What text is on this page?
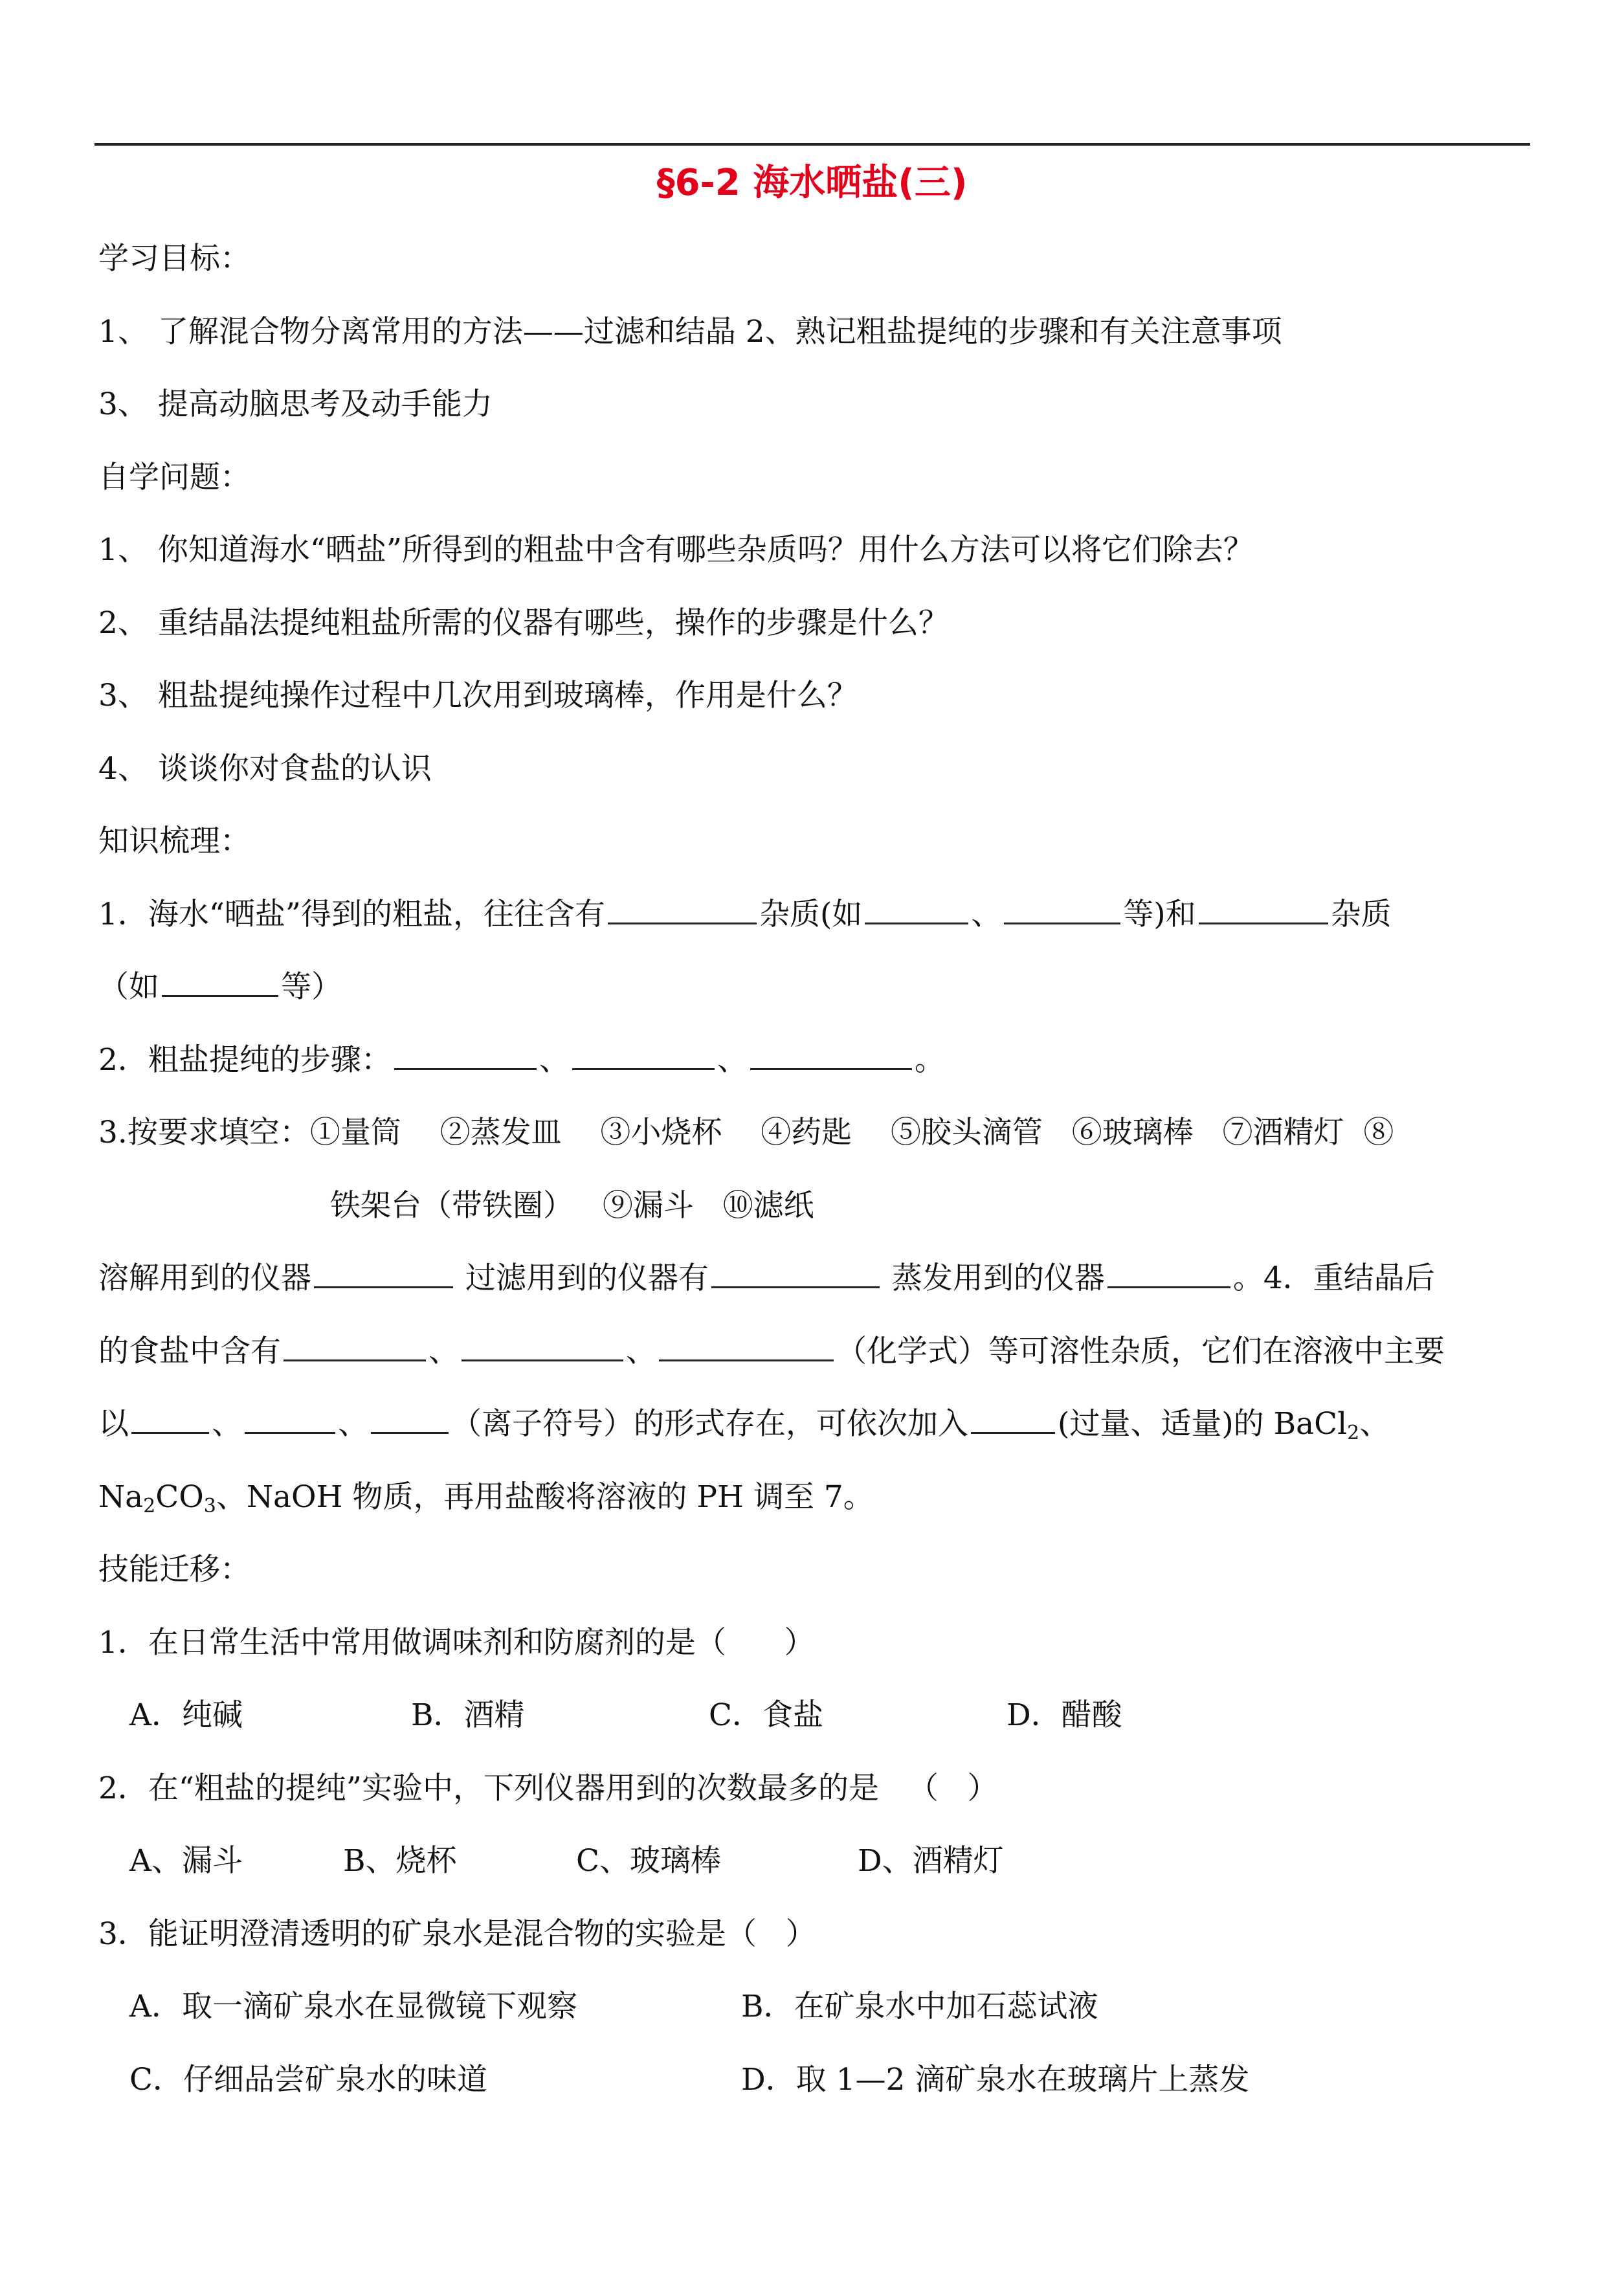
§6-2 海水晒盐(三)
学习目标：
1、 了解混合物分离常用的方法——过滤和结晶 2、熟记粗盐提纯的步骤和有关注意事项
3、 提高动脑思考及动手能力
自学问题：
1、 你知道海水“晒盐”所得到的粗盐中含有哪些杂质吗？用什么方法可以将它们除去？
2、 重结晶法提纯粗盐所需的仪器有哪些，操作的步骤是什么？
3、 粗盐提纯操作过程中几次用到玻璃棒，作用是什么？
4、 谈谈你对食盐的认识
知识梳理：
1．海水“晒盐”得到的粗盐，往往含有	杂质(如	、	等)和	杂质
（如	等）
2．粗盐提纯的步骤：	、	、	。
3.按要求填空：①量筒    ②蒸发皿    ③小烧杯    ④药匙    ⑤胶头滴管   ⑥玻璃棒   ⑦酒精灯  ⑧
铁架台（带铁圈）   ⑨漏斗   ⑩滤纸
溶解用到的仪器	过滤用到的仪器有	蒸发用到的仪器	。4．重结晶后
的食盐中含有	、	、	（化学式）等可溶性杂质，它们在溶液中主要
以	、	、	（离子符号）的形式存在，可依次加入	(过量、适量)的 BaCl$_2$、
$Na_2CO_3$、NaOH 物质，再用盐酸将溶液的 PH 调至 7。
技能迁移：
1．在日常生活中常用做调味剂和防腐剂的是（      ）
A．纯碱	B．酒精	C．食盐	D．醋酸
2．在“粗盐的提纯”实验中，下列仪器用到的次数最多的是   （   ）
A、漏斗	B、烧杯	C、玻璃棒	D、酒精灯
3．能证明澄清透明的矿泉水是混合物的实验是（   ）
A．取一滴矿泉水在显微镜下观察	B．在矿泉水中加石蕊试液
C．仔细品尝矿泉水的味道	D．取 1—2 滴矿泉水在玻璃片上蒸发
